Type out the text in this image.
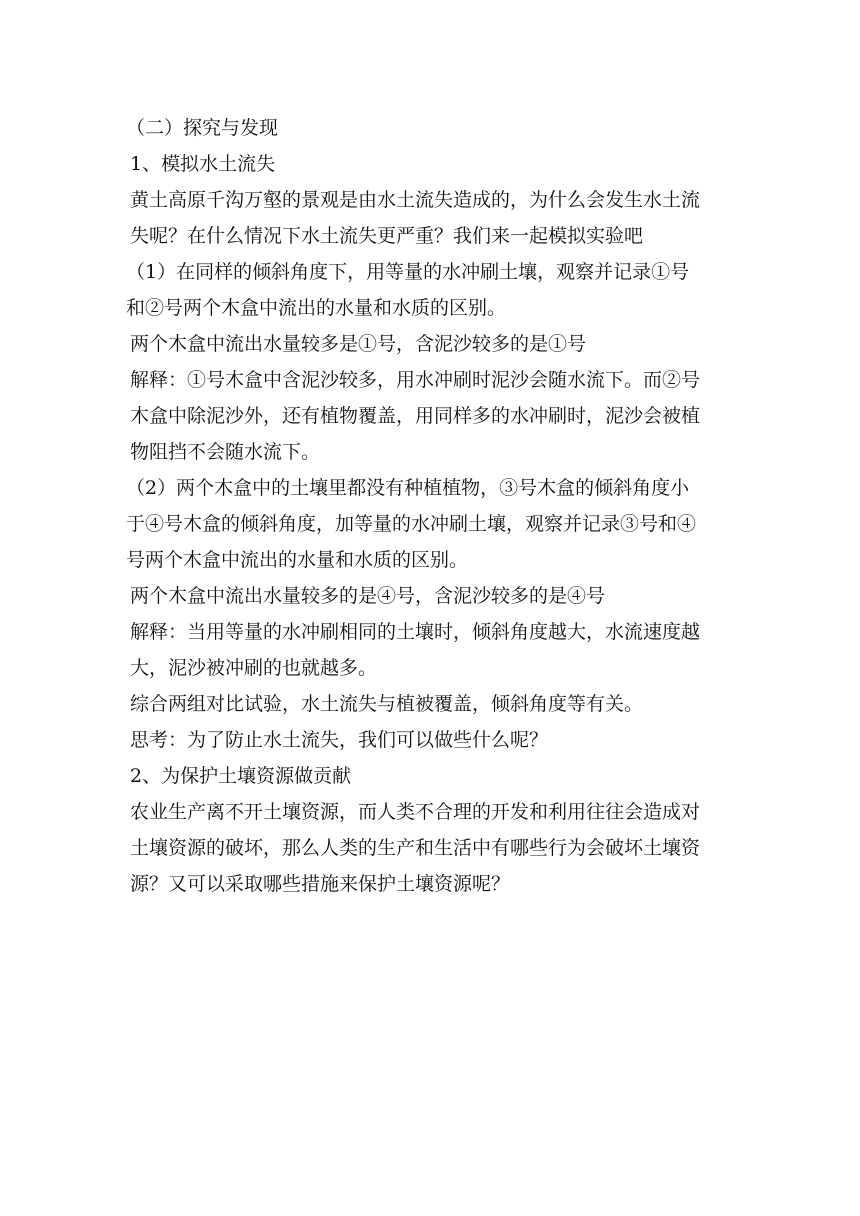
（二）探究与发现

1、模拟水土流失

黄土高原千沟万壑的景观是由水土流失造成的，为什么会发生水土流
失呢？在什么情况下水土流失更严重？我们来一起模拟实验吧

（1）在同样的倾斜角度下，用等量的水冲刷土壤，观察并记录①号
和②号两个木盒中流出的水量和水质的区别。

两个木盒中流出水量较多是①号，含泥沙较多的是①号

解释：①号木盒中含泥沙较多，用水冲刷时泥沙会随水流下。而②号
木盒中除泥沙外，还有植物覆盖，用同样多的水冲刷时，泥沙会被植
物阻挡不会随水流下。

（2）两个木盒中的土壤里都没有种植植物，③号木盒的倾斜角度小
于④号木盒的倾斜角度，加等量的水冲刷土壤，观察并记录③号和④
号两个木盒中流出的水量和水质的区别。

两个木盒中流出水量较多的是④号，含泥沙较多的是④号

解释：当用等量的水冲刷相同的土壤时，倾斜角度越大，水流速度越
大，泥沙被冲刷的也就越多。

综合两组对比试验，水土流失与植被覆盖，倾斜角度等有关。

思考：为了防止水土流失，我们可以做些什么呢？

2、为保护土壤资源做贡献

农业生产离不开土壤资源，而人类不合理的开发和利用往往会造成对
土壤资源的破坏，那么人类的生产和生活中有哪些行为会破坏土壤资
源？又可以采取哪些措施来保护土壤资源呢？
